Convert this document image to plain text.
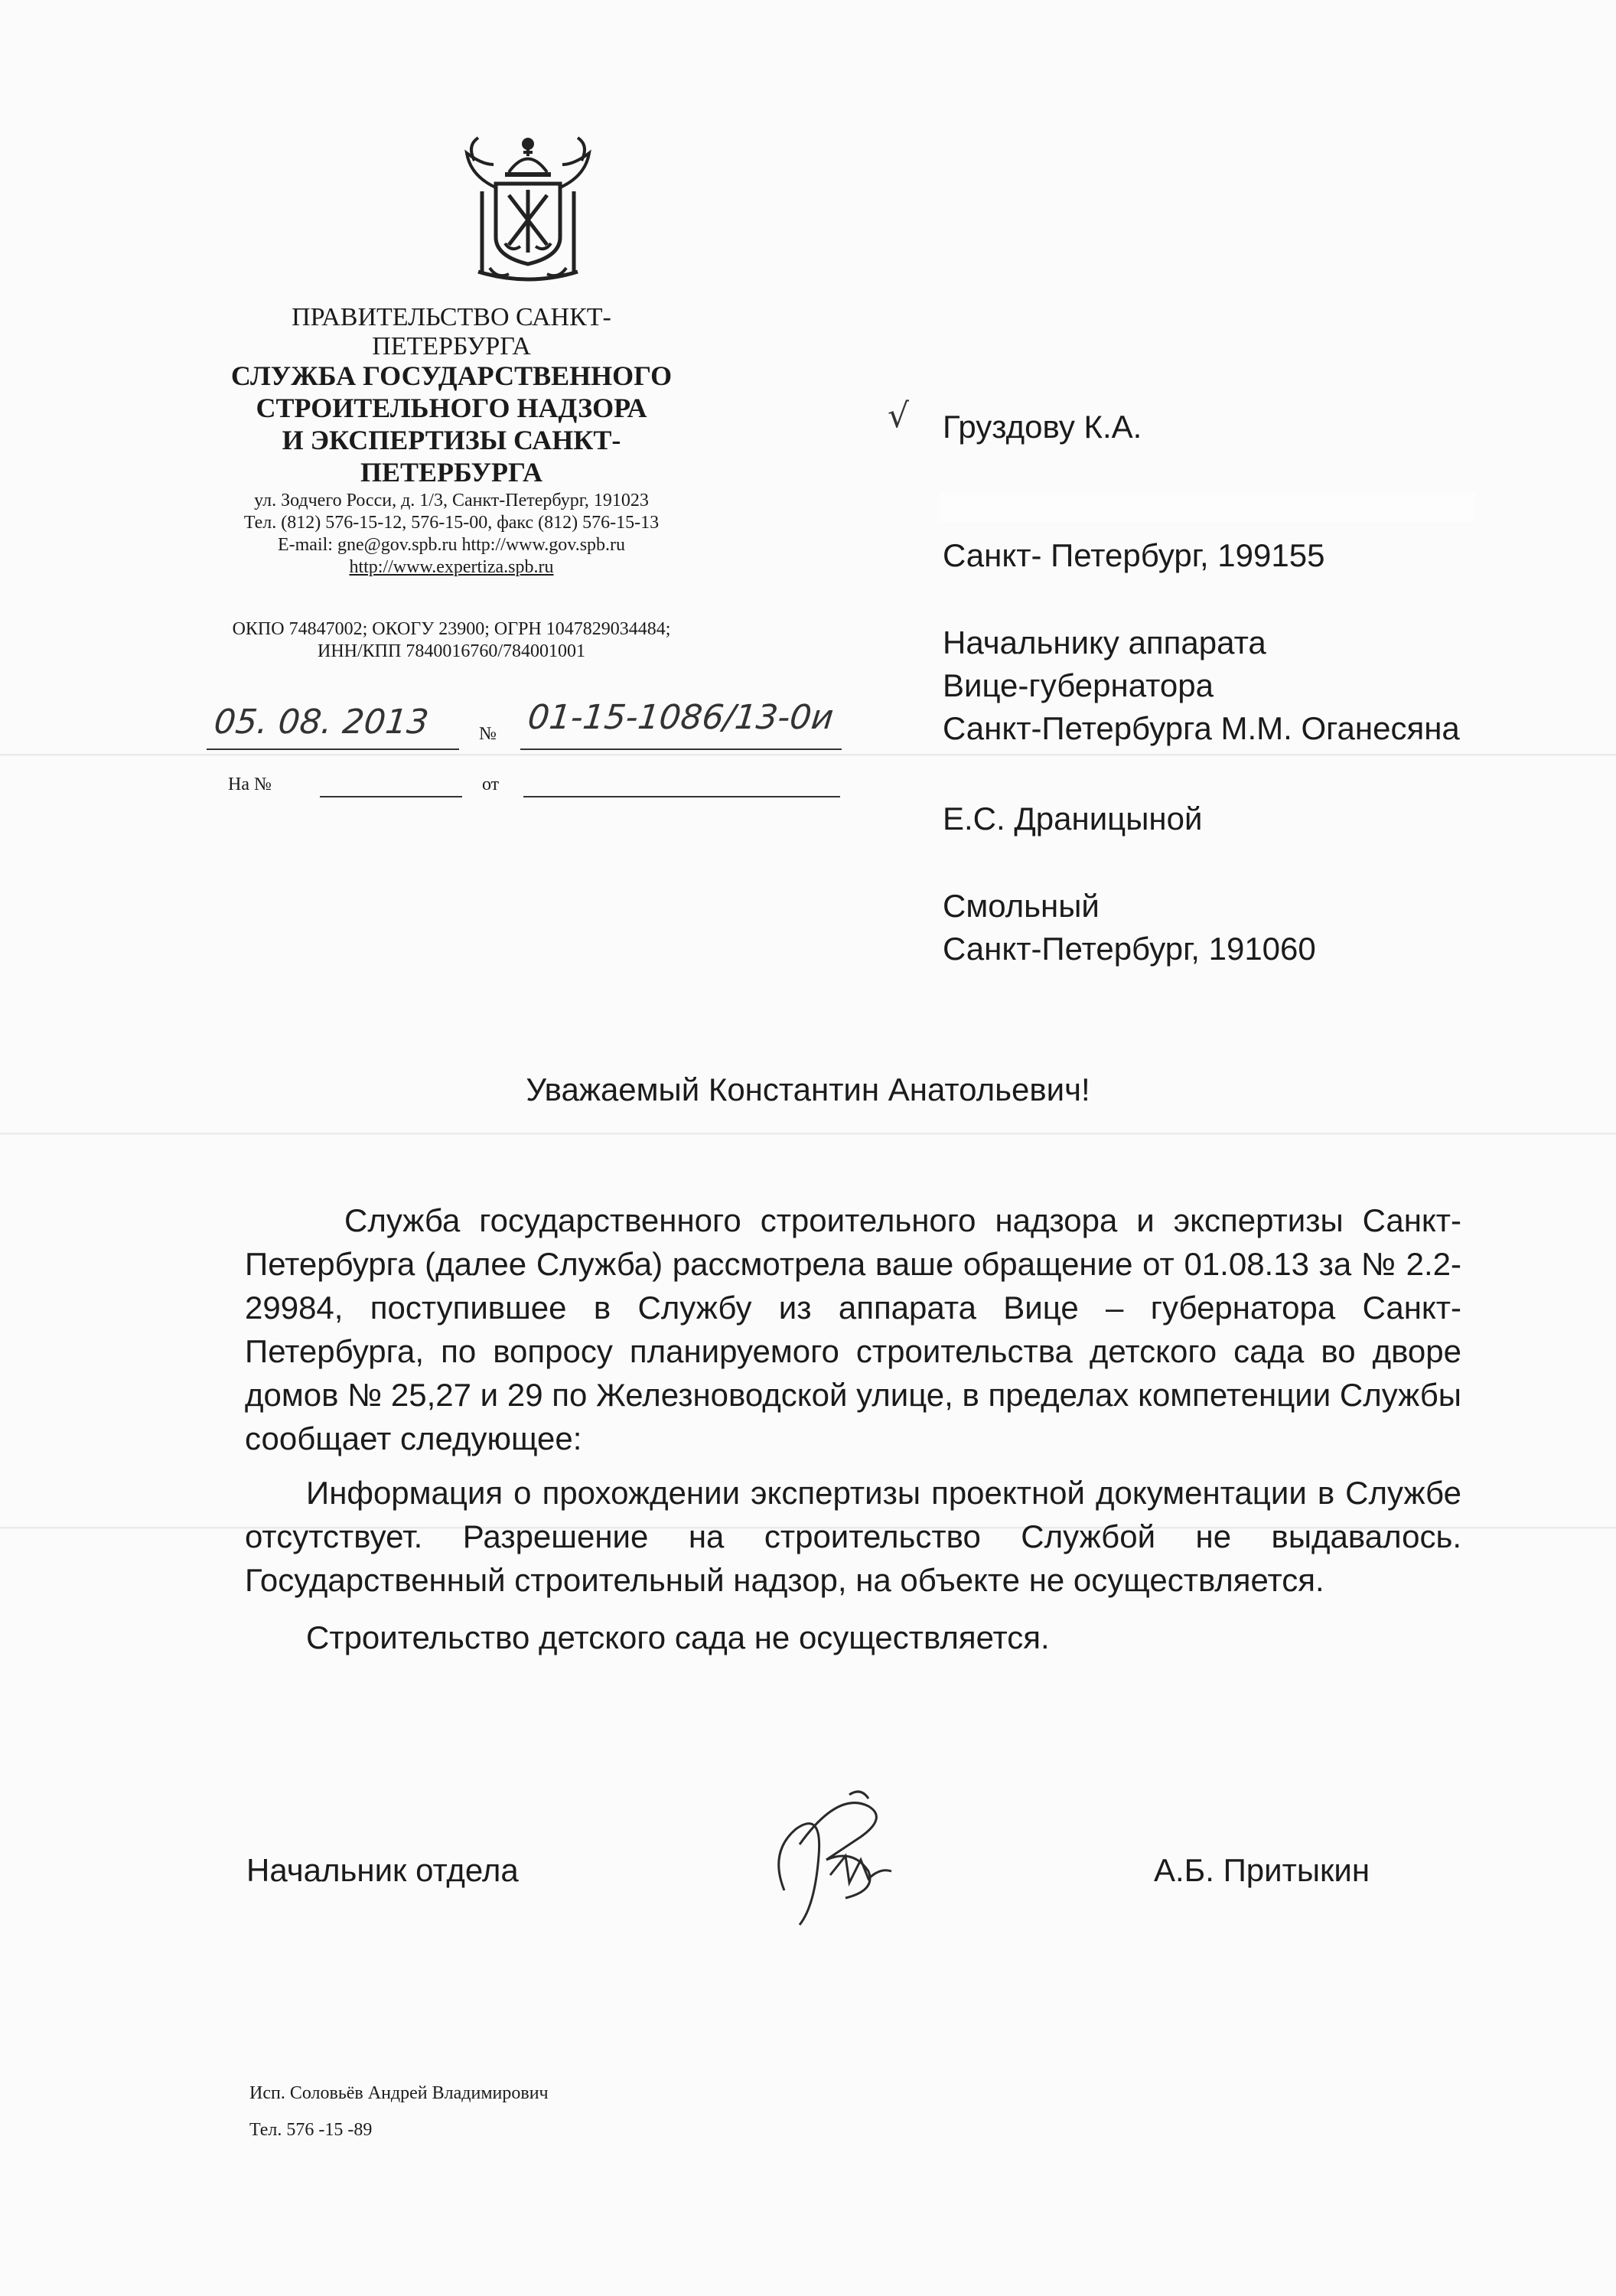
ПРАВИТЕЛЬСТВО САНКТ-ПЕТЕРБУРГА
СЛУЖБА ГОСУДАРСТВЕННОГО
СТРОИТЕЛЬНОГО НАДЗОРА
И ЭКСПЕРТИЗЫ САНКТ-ПЕТЕРБУРГА
ул. Зодчего Росси, д. 1/3, Санкт-Петербург, 191023
Тел. (812) 576-15-12, 576-15-00, факс (812) 576-15-13
E-mail: gne@gov.spb.ru http://www.gov.spb.ru
http://www.expertiza.spb.ru
ОКПО 74847002; ОКОГУ 23900; ОГРН 1047829034484;
ИНН/КПП 7840016760/784001001
05. 08. 2013	№ 01-15-1086/13-0и
На №	от
√ Груздову К.А.
Санкт- Петербург, 199155
Начальнику аппарата
Вице-губернатора
Санкт-Петербурга М.М. Оганесяна
Е.С. Драницыной
Смольный
Санкт-Петербург, 191060
Уважаемый Константин Анатольевич!

Служба государственного строительного надзора и экспертизы Санкт-Петербурга (далее Служба) рассмотрела ваше обращение от 01.08.13 за № 2.2- 29984, поступившее в Службу из аппарата Вице – губернатора Санкт-Петербурга, по вопросу планируемого строительства детского сада во дворе домов № 25,27 и 29 по Железноводской улице, в пределах компетенции Службы сообщает следующее:

Информация о прохождении экспертизы проектной документации в Службе отсутствует. Разрешение на строительство Службой не выдавалось. Государственный строительный надзор, на объекте не осуществляется.

Строительство детского сада не осуществляется.

Начальник отдела	А.Б. Притыкин
Исп. Соловьёв Андрей Владимирович
Тел. 576 -15 -89
